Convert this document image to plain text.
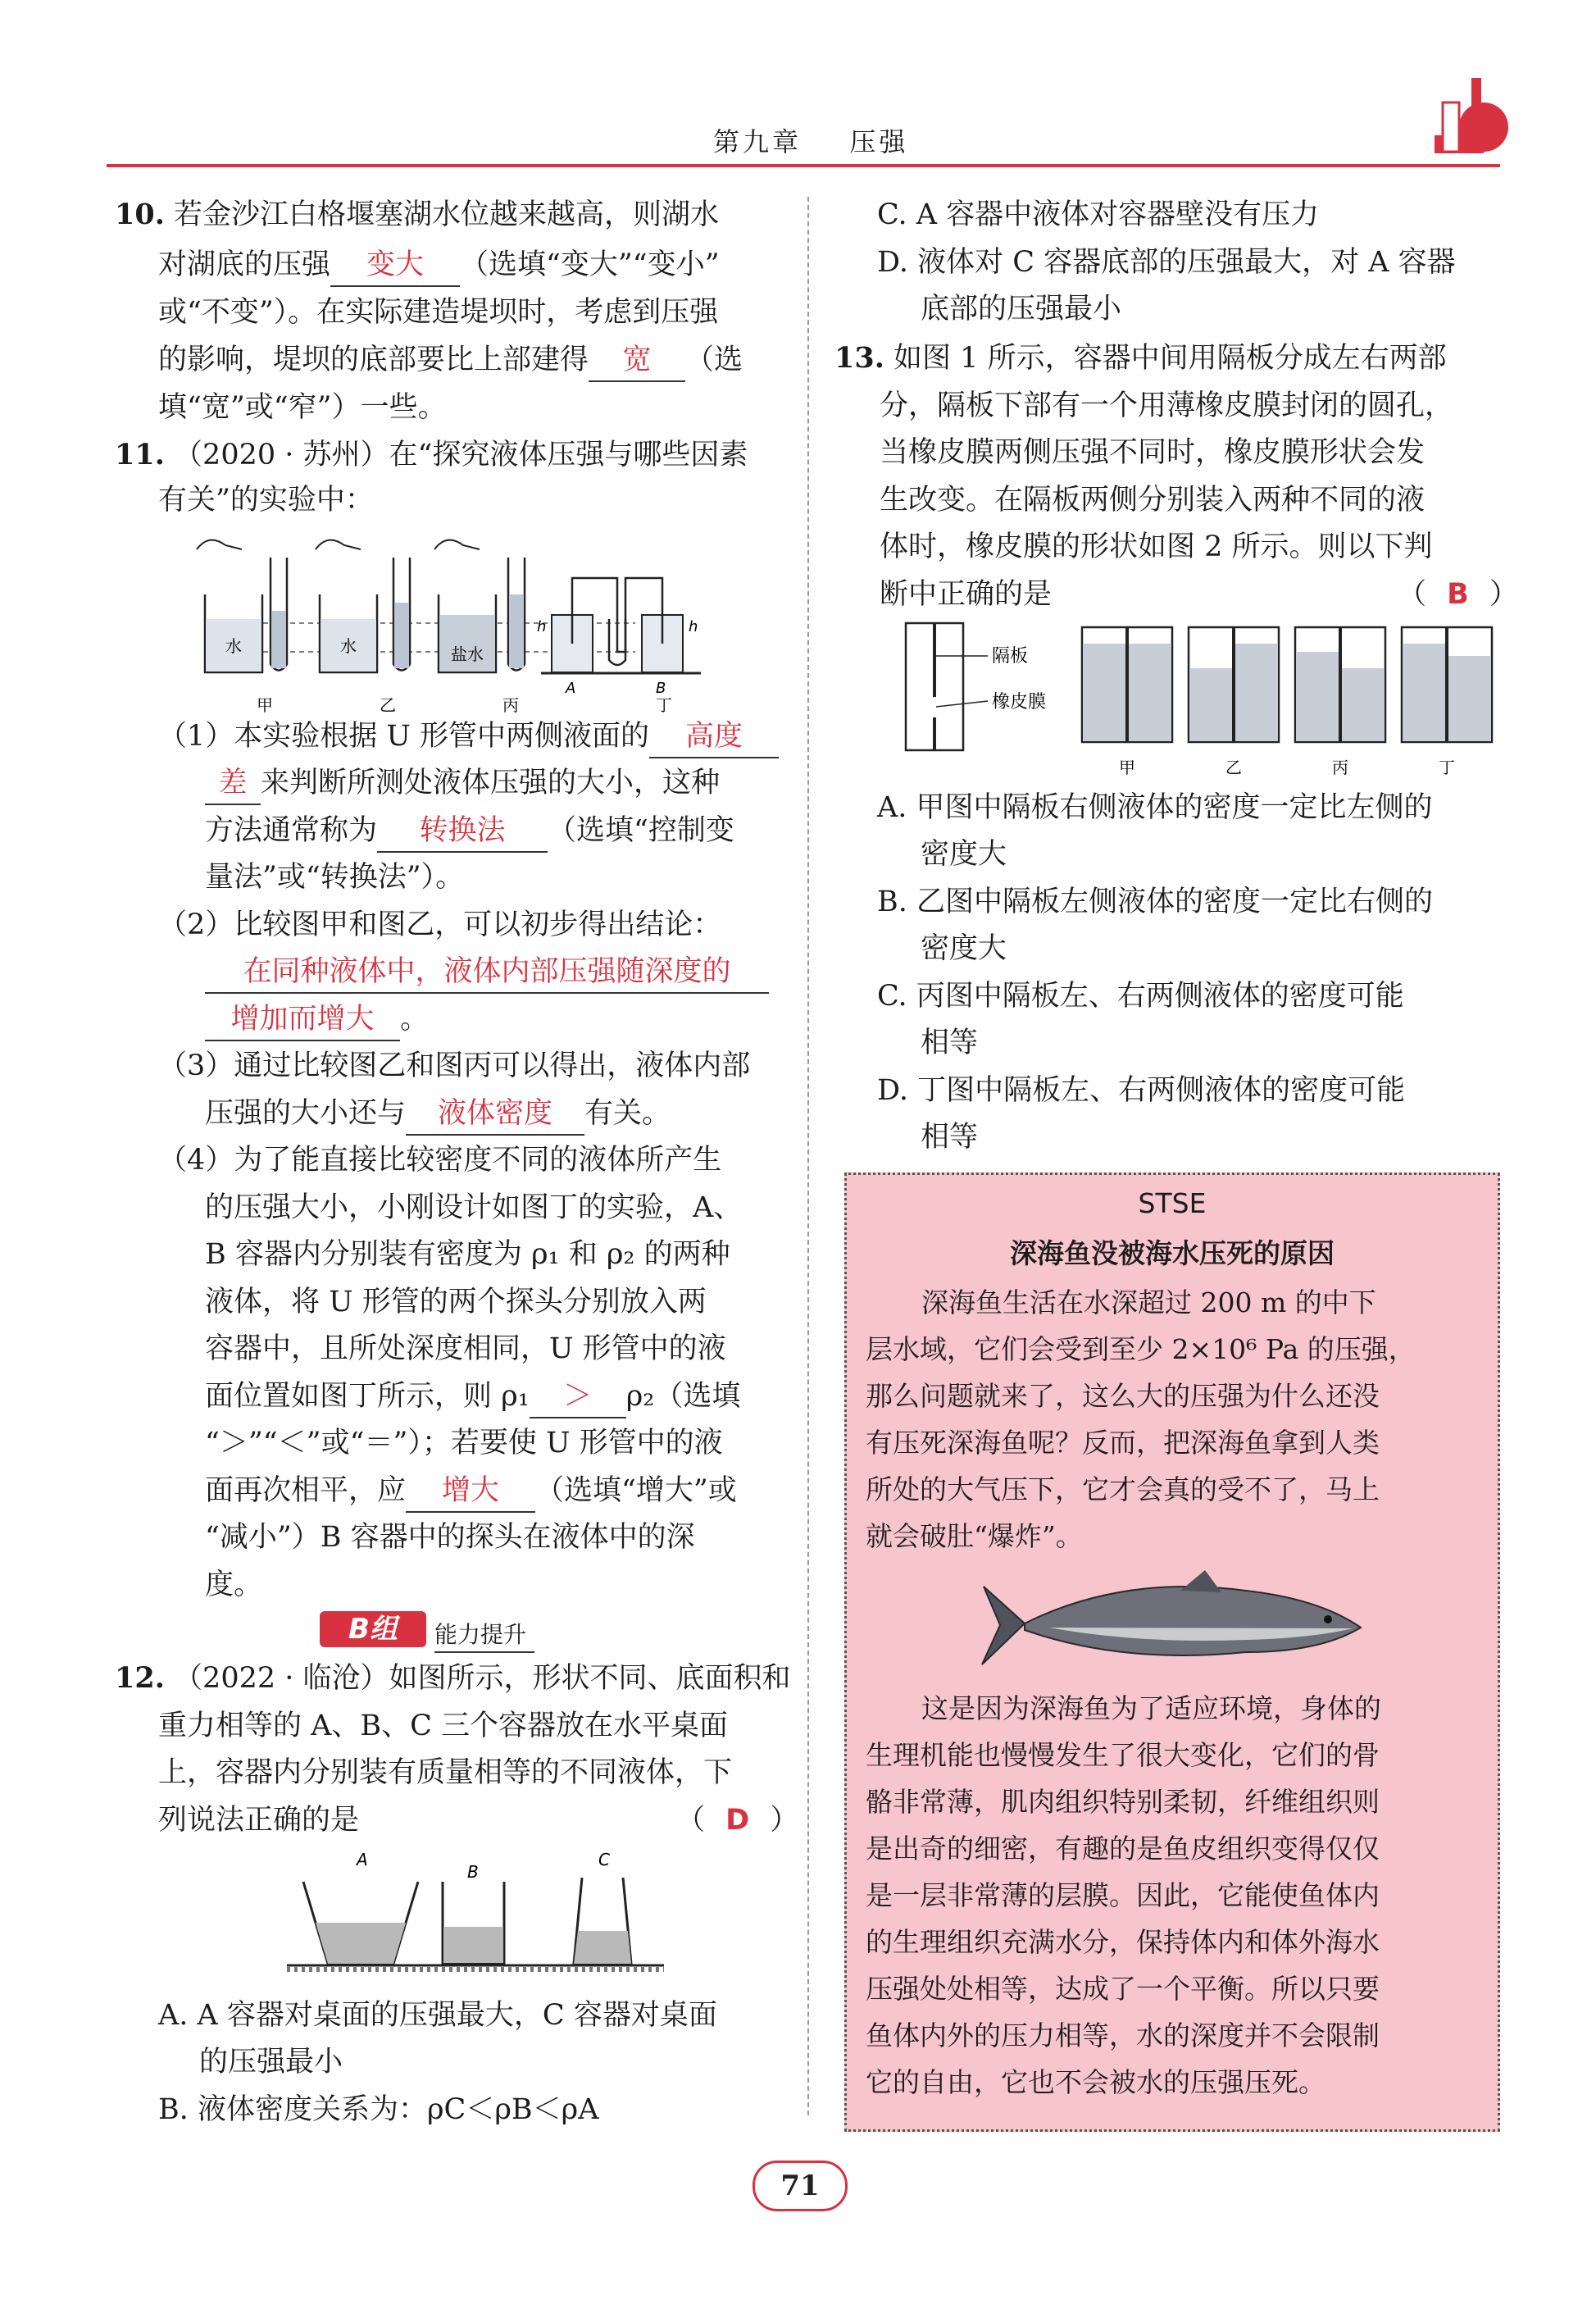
第九章 压强
10. 若金沙江白格堰塞湖水位越来越高，则湖水
对湖底的压强 变大 （选填“变大”“变小”
或“不变”）。在实际建造堤坝时，考虑到压强
的影响，堤坝的底部要比上部建得 宽 （选
填“宽”或“窄”）一些。
11. （2020 · 苏州）在“探究液体压强与哪些因素
有关”的实验中：
水	水	盐水
h	h
A	B
甲	乙	丙	丁
（1）本实验根据 U 形管中两侧液面的 高度
差 来判断所测处液体压强的大小，这种
方法通常称为 转换法 （选填“控制变
量法”或“转换法”）。
（2）比较图甲和图乙，可以初步得出结论：
在同种液体中，液体内部压强随深度的
增加而增大 。
（3）通过比较图乙和图丙可以得出，液体内部
压强的大小还与 液体密度 有关。
（4）为了能直接比较密度不同的液体所产生
的压强大小，小刚设计如图丁的实验，A、
B 容器内分别装有密度为 ρ₁ 和 ρ₂ 的两种
液体，将 U 形管的两个探头分别放入两
容器中，且所处深度相同，U 形管中的液
面位置如图丁所示，则 ρ₁ ＞ ρ₂（选填
“＞”“＜”或“＝”）；若要使 U 形管中的液
面再次相平，应 增大 （选填“增大”或
“减小”）B 容器中的探头在液体中的深
度。
B组	能力提升
12. （2022 · 临沧）如图所示，形状不同、底面积和
重力相等的 A、B、C 三个容器放在水平桌面
上，容器内分别装有质量相等的不同液体，下
列说法正确的是	（ D ）
A
B
C
A. A 容器对桌面的压强最大，C 容器对桌面
的压强最小
B. 液体密度关系为：ρC＜ρB＜ρA
C. A 容器中液体对容器壁没有压力
D. 液体对 C 容器底部的压强最大，对 A 容器
底部的压强最小
13. 如图 1 所示，容器中间用隔板分成左右两部
分，隔板下部有一个用薄橡皮膜封闭的圆孔，
当橡皮膜两侧压强不同时，橡皮膜形状会发
生改变。在隔板两侧分别装入两种不同的液
体时，橡皮膜的形状如图 2 所示。则以下判
断中正确的是	（ B ）
隔板
橡皮膜
甲	乙	丙	丁
A. 甲图中隔板右侧液体的密度一定比左侧的
密度大
B. 乙图中隔板左侧液体的密度一定比右侧的
密度大
C. 丙图中隔板左、右两侧液体的密度可能
相等
D. 丁图中隔板左、右两侧液体的密度可能
相等
STSE
深海鱼没被海水压死的原因
深海鱼生活在水深超过 200 m 的中下
层水域，它们会受到至少 2×10⁶ Pa 的压强，
那么问题就来了，这么大的压强为什么还没
有压死深海鱼呢？反而，把深海鱼拿到人类
所处的大气压下，它才会真的受不了，马上
就会破肚“爆炸”。
这是因为深海鱼为了适应环境，身体的
生理机能也慢慢发生了很大变化，它们的骨
骼非常薄，肌肉组织特别柔韧，纤维组织则
是出奇的细密，有趣的是鱼皮组织变得仅仅
是一层非常薄的层膜。因此，它能使鱼体内
的生理组织充满水分，保持体内和体外海水
压强处处相等，达成了一个平衡。所以只要
鱼体内外的压力相等，水的深度并不会限制
它的自由，它也不会被水的压强压死。
71
